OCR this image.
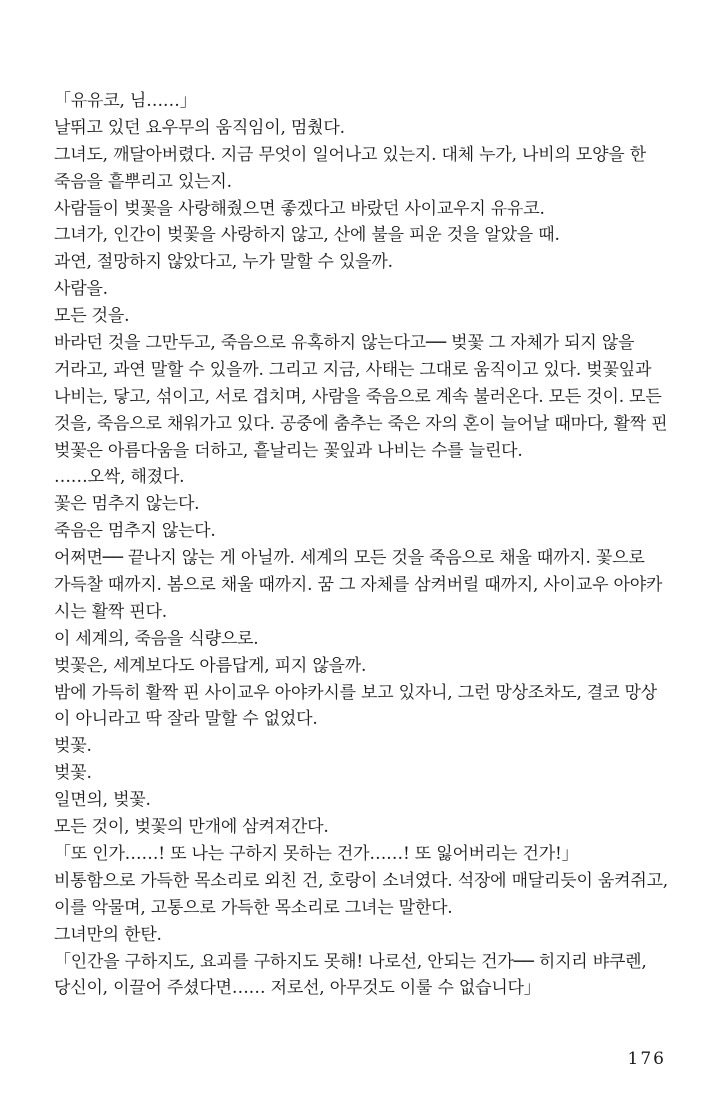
「유유코, 님……」
날뛰고 있던 요우무의 움직임이, 멈췄다.
그녀도, 깨달아버렸다. 지금 무엇이 일어나고 있는지. 대체 누가, 나비의 모양을 한
죽음을 흩뿌리고 있는지.
사람들이 벚꽃을 사랑해줬으면 좋겠다고 바랐던 사이교우지 유유코.
그녀가, 인간이 벚꽃을 사랑하지 않고, 산에 불을 피운 것을 알았을 때.
과연, 절망하지 않았다고, 누가 말할 수 있을까.
사람을.
모든 것을.
바라던 것을 그만두고, 죽음으로 유혹하지 않는다고── 벚꽃 그 자체가 되지 않을
거라고, 과연 말할 수 있을까. 그리고 지금, 사태는 그대로 움직이고 있다. 벚꽃잎과
나비는, 닿고, 섞이고, 서로 겹치며, 사람을 죽음으로 계속 불러온다. 모든 것이. 모든
것을, 죽음으로 채워가고 있다. 공중에 춤추는 죽은 자의 혼이 늘어날 때마다, 활짝 핀
벚꽃은 아름다움을 더하고, 흩날리는 꽃잎과 나비는 수를 늘린다.
……오싹, 해졌다.
꽃은 멈추지 않는다.
죽음은 멈추지 않는다.
어쩌면── 끝나지 않는 게 아닐까. 세계의 모든 것을 죽음으로 채울 때까지. 꽃으로
가득찰 때까지. 봄으로 채울 때까지. 꿈 그 자체를 삼켜버릴 때까지, 사이교우 아야카
시는 활짝 핀다.
이 세계의, 죽음을 식량으로.
벚꽃은, 세계보다도 아름답게, 피지 않을까.
밤에 가득히 활짝 핀 사이교우 아야카시를 보고 있자니, 그런 망상조차도, 결코 망상
이 아니라고 딱 잘라 말할 수 없었다.
벚꽃.
벚꽃.
일면의, 벚꽃.
모든 것이, 벚꽃의 만개에 삼켜져간다.
「또 인가……! 또 나는 구하지 못하는 건가……! 또 잃어버리는 건가!」
비통함으로 가득한 목소리로 외친 건, 호랑이 소녀였다. 석장에 매달리듯이 움켜쥐고,
이를 악물며, 고통으로 가득한 목소리로 그녀는 말한다.
그녀만의 한탄.
「인간을 구하지도, 요괴를 구하지도 못해! 나로선, 안되는 건가── 히지리 뱌쿠렌,
당신이, 이끌어 주셨다면…… 저로선, 아무것도 이룰 수 없습니다」
176
